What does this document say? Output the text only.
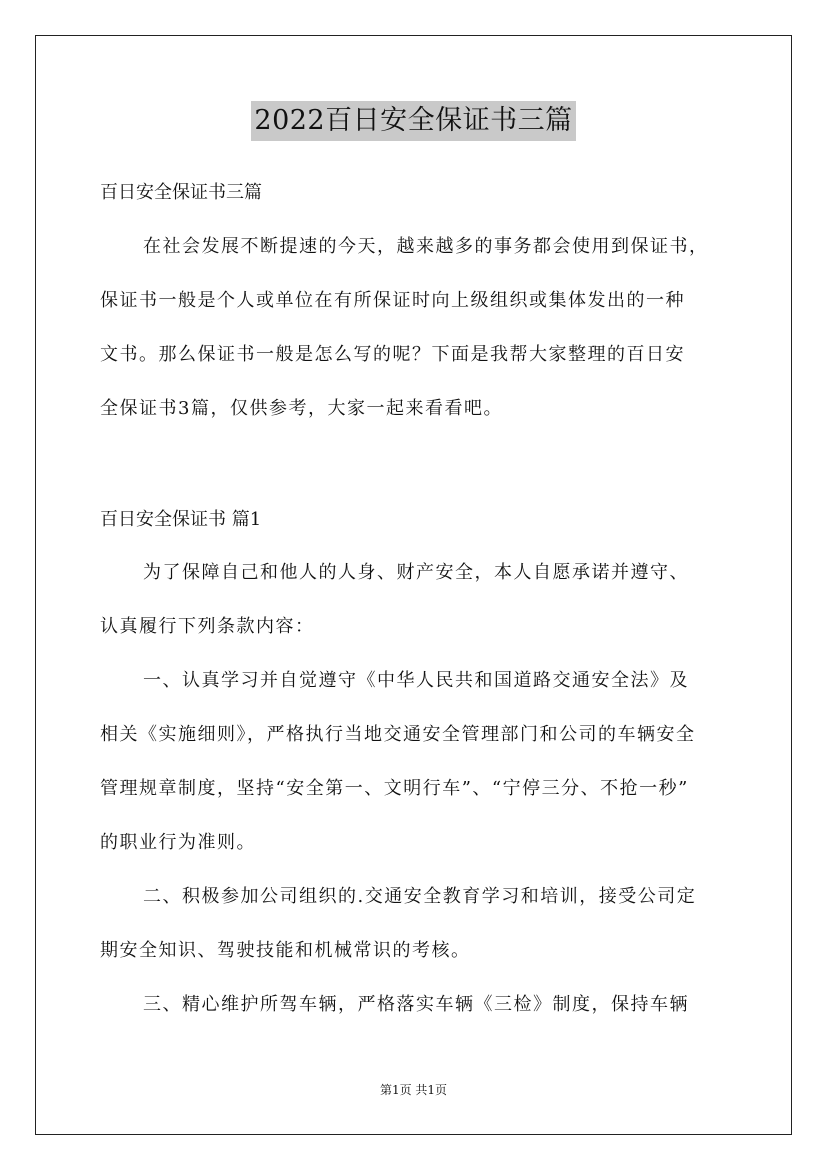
2022百日安全保证书三篇

百日安全保证书三篇

在社会发展不断提速的今天，越来越多的事务都会使用到保证书，

保证书一般是个人或单位在有所保证时向上级组织或集体发出的一种

文书。那么保证书一般是怎么写的呢？下面是我帮大家整理的百日安

全保证书3篇，仅供参考，大家一起来看看吧。

百日安全保证书 篇1

为了保障自己和他人的人身、财产安全，本人自愿承诺并遵守、

认真履行下列条款内容：

一、认真学习并自觉遵守《中华人民共和国道路交通安全法》及

相关《实施细则》，严格执行当地交通安全管理部门和公司的车辆安全

管理规章制度，坚持“安全第一、文明行车”、“宁停三分、不抢一秒”

的职业行为准则。

二、积极参加公司组织的.交通安全教育学习和培训，接受公司定

期安全知识、驾驶技能和机械常识的考核。

三、精心维护所驾车辆，严格落实车辆《三检》制度，保持车辆

第1页 共1页
